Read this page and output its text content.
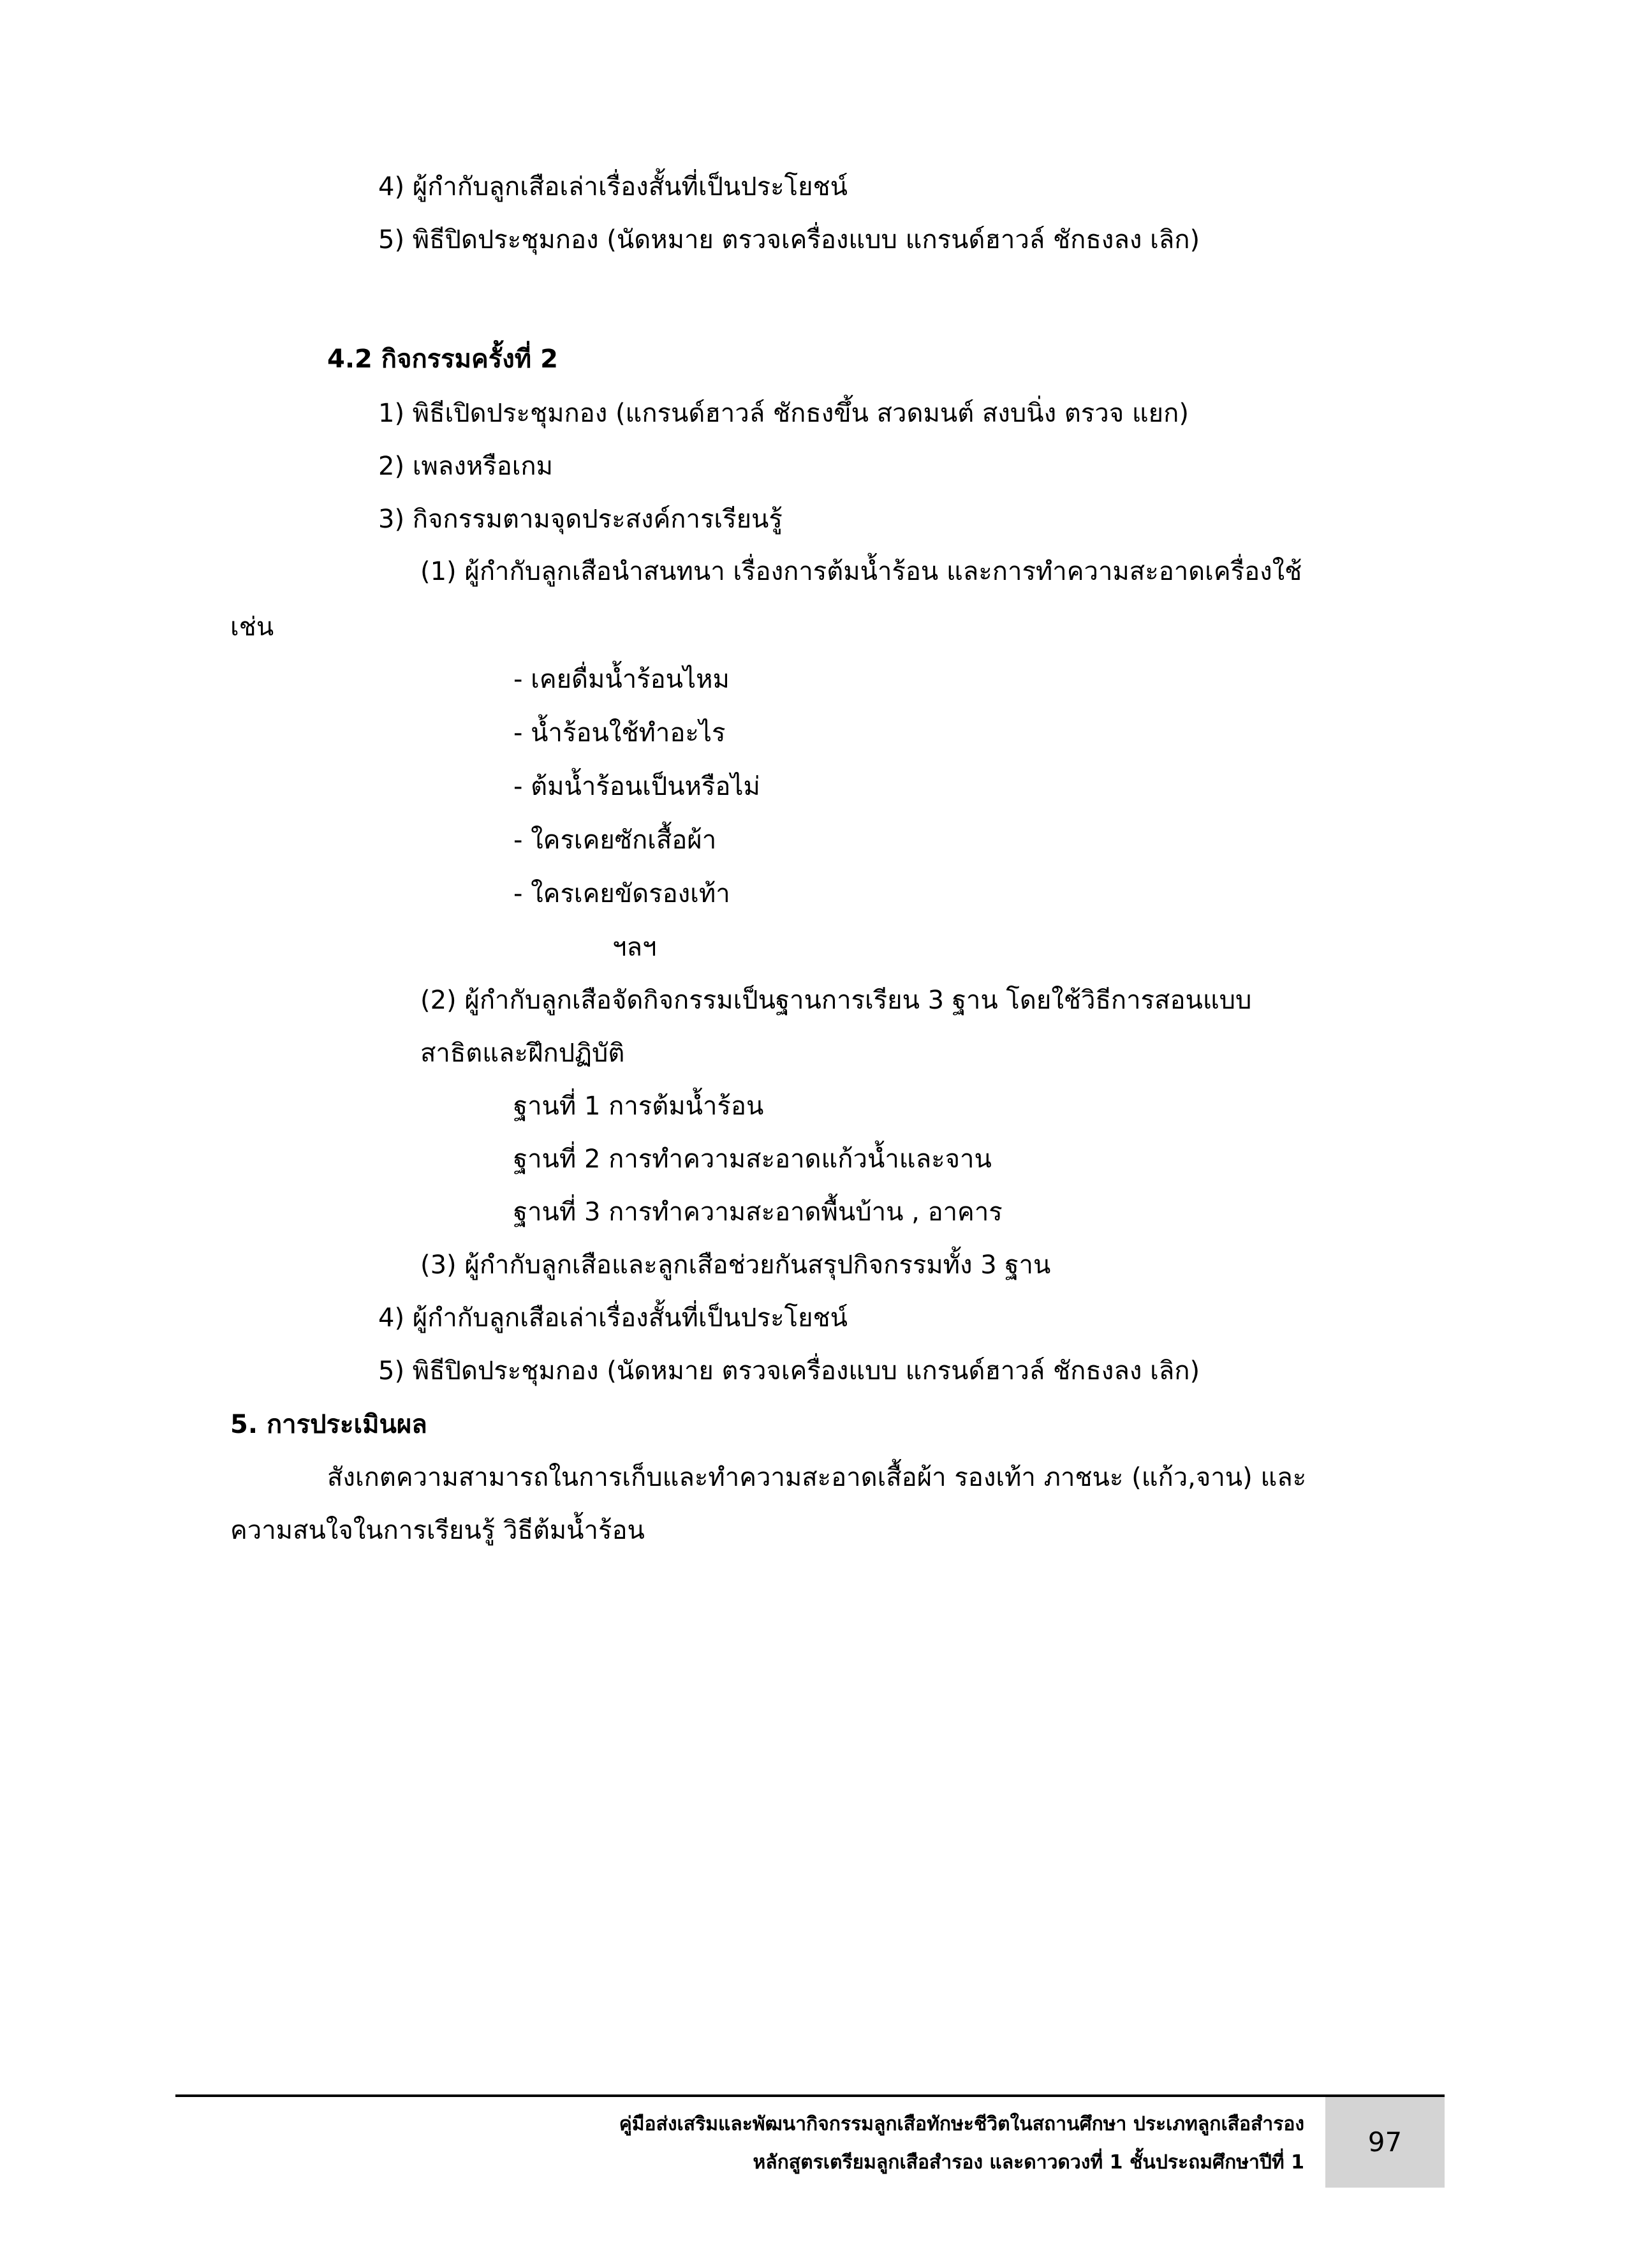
4) ผู้กำกับลูกเสือเล่าเรื่องสั้นที่เป็นประโยชน์
5) พิธีปิดประชุมกอง (นัดหมาย ตรวจเครื่องแบบ แกรนด์ฮาวล์ ชักธงลง เลิก)
4.2 กิจกรรมครั้งที่ 2
1) พิธีเปิดประชุมกอง (แกรนด์ฮาวล์ ชักธงขึ้น สวดมนต์ สงบนิ่ง ตรวจ แยก)
2) เพลงหรือเกม
3) กิจกรรมตามจุดประสงค์การเรียนรู้
(1) ผู้กำกับลูกเสือนำสนทนา เรื่องการต้มน้ำร้อน และการทำความสะอาดเครื่องใช้
เช่น
- เคยดื่มน้ำร้อนไหม
- น้ำร้อนใช้ทำอะไร
- ต้มน้ำร้อนเป็นหรือไม่
- ใครเคยซักเสื้อผ้า
- ใครเคยขัดรองเท้า
ฯลฯ
(2) ผู้กำกับลูกเสือจัดกิจกรรมเป็นฐานการเรียน 3 ฐาน โดยใช้วิธีการสอนแบบ
สาธิตและฝึกปฏิบัติ
ฐานที่ 1 การต้มน้ำร้อน
ฐานที่ 2 การทำความสะอาดแก้วน้ำและจาน
ฐานที่ 3 การทำความสะอาดพื้นบ้าน , อาคาร
(3) ผู้กำกับลูกเสือและลูกเสือช่วยกันสรุปกิจกรรมทั้ง 3 ฐาน
4) ผู้กำกับลูกเสือเล่าเรื่องสั้นที่เป็นประโยชน์
5) พิธีปิดประชุมกอง (นัดหมาย ตรวจเครื่องแบบ แกรนด์ฮาวล์ ชักธงลง เลิก)
5. การประเมินผล
สังเกตความสามารถในการเก็บและทำความสะอาดเสื้อผ้า รองเท้า ภาชนะ (แก้ว,จาน) และ
ความสนใจในการเรียนรู้ วิธีต้มน้ำร้อน
คู่มือส่งเสริมและพัฒนากิจกรรมลูกเสือทักษะชีวิตในสถานศึกษา ประเภทลูกเสือสำรอง
หลักสูตรเตรียมลูกเสือสำรอง และดาวดวงที่ 1 ชั้นประถมศึกษาปีที่ 1
97
